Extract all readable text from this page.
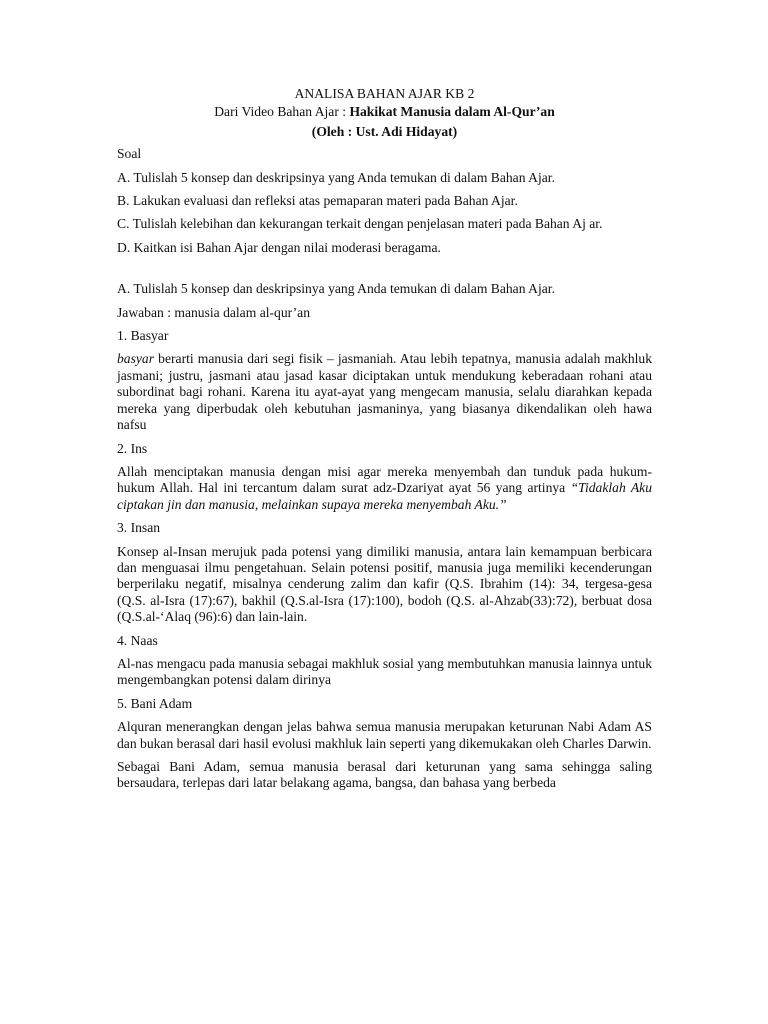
ANALISA BAHAN AJAR KB 2
Dari Video Bahan Ajar : Hakikat Manusia dalam Al-Qur’an
(Oleh : Ust. Adi Hidayat)

Soal

A. Tulislah 5 konsep dan deskripsinya yang Anda temukan di dalam Bahan Ajar.

B. Lakukan evaluasi dan refleksi atas pemaparan materi pada Bahan Ajar.

C. Tulislah kelebihan dan kekurangan terkait dengan penjelasan materi pada Bahan Aj ar.

D. Kaitkan isi Bahan Ajar dengan nilai moderasi beragama.

A. Tulislah 5 konsep dan deskripsinya yang Anda temukan di dalam Bahan Ajar.

Jawaban : manusia dalam al-qur’an

1. Basyar

basyar berarti manusia dari segi fisik – jasmaniah. Atau lebih tepatnya, manusia adalah makhluk jasmani; justru, jasmani atau jasad kasar diciptakan untuk mendukung keberadaan rohani atau subordinat bagi rohani. Karena itu ayat-ayat yang mengecam manusia, selalu diarahkan kepada mereka yang diperbudak oleh kebutuhan jasmaninya, yang biasanya dikendalikan oleh hawa nafsu

2. Ins

Allah menciptakan manusia dengan misi agar mereka menyembah dan tunduk pada hukum-hukum Allah. Hal ini tercantum dalam surat adz-Dzariyat ayat 56 yang artinya “Tidaklah Aku ciptakan jin dan manusia, melainkan supaya mereka menyembah Aku.”

3. Insan

Konsep al-Insan merujuk pada potensi yang dimiliki manusia, antara lain kemampuan berbicara dan menguasai ilmu pengetahuan. Selain potensi positif, manusia juga memiliki kecenderungan berperilaku negatif, misalnya cenderung zalim dan kafir (Q.S. Ibrahim (14): 34, tergesa-gesa (Q.S. al-Isra (17):67), bakhil (Q.S.al-Isra (17):100), bodoh (Q.S. al-Ahzab(33):72), berbuat dosa (Q.S.al-‘Alaq (96):6) dan lain-lain.

4. Naas

Al-nas mengacu pada manusia sebagai makhluk sosial yang membutuhkan manusia lainnya untuk mengembangkan potensi dalam dirinya

5. Bani Adam

Alquran menerangkan dengan jelas bahwa semua manusia merupakan keturunan Nabi Adam AS dan bukan berasal dari hasil evolusi makhluk lain seperti yang dikemukakan oleh Charles Darwin.

Sebagai Bani Adam, semua manusia berasal dari keturunan yang sama sehingga saling bersaudara, terlepas dari latar belakang agama, bangsa, dan bahasa yang berbeda
